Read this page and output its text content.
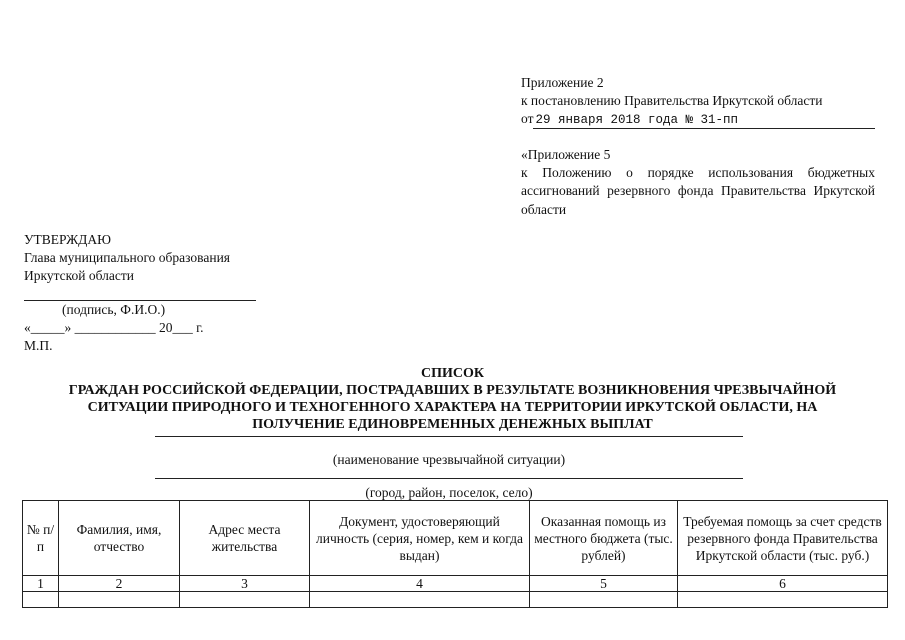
Приложение 2
к постановлению Правительства Иркутской области
от 29 января 2018 года № 31-пп
«Приложение 5
к Положению о порядке использования бюджетных ассигнований резервного фонда Правительства Иркутской области
УТВЕРЖДАЮ
Глава муниципального образования
Иркутской области
(подпись, Ф.И.О.)
«_____» ____________ 20___ г.
М.П.
СПИСОК
ГРАЖДАН РОССИЙСКОЙ ФЕДЕРАЦИИ, ПОСТРАДАВШИХ В РЕЗУЛЬТАТЕ ВОЗНИКНОВЕНИЯ ЧРЕЗВЫЧАЙНОЙ
СИТУАЦИИ ПРИРОДНОГО И ТЕХНОГЕННОГО ХАРАКТЕРА НА ТЕРРИТОРИИ ИРКУТСКОЙ ОБЛАСТИ, НА
ПОЛУЧЕНИЕ ЕДИНОВРЕМЕННЫХ ДЕНЕЖНЫХ ВЫПЛАТ
(наименование чрезвычайной ситуации)
(город, район, поселок, село)
№ п/п	Фамилия, имя, отчество	Адрес места жительства	Документ, удостоверяющий личность (серия, номер, кем и когда выдан)	Оказанная помощь из местного бюджета (тыс. рублей)	Требуемая помощь за счет средств резервного фонда Правительства Иркутской области (тыс. руб.)
1	2	3	4	5	6
